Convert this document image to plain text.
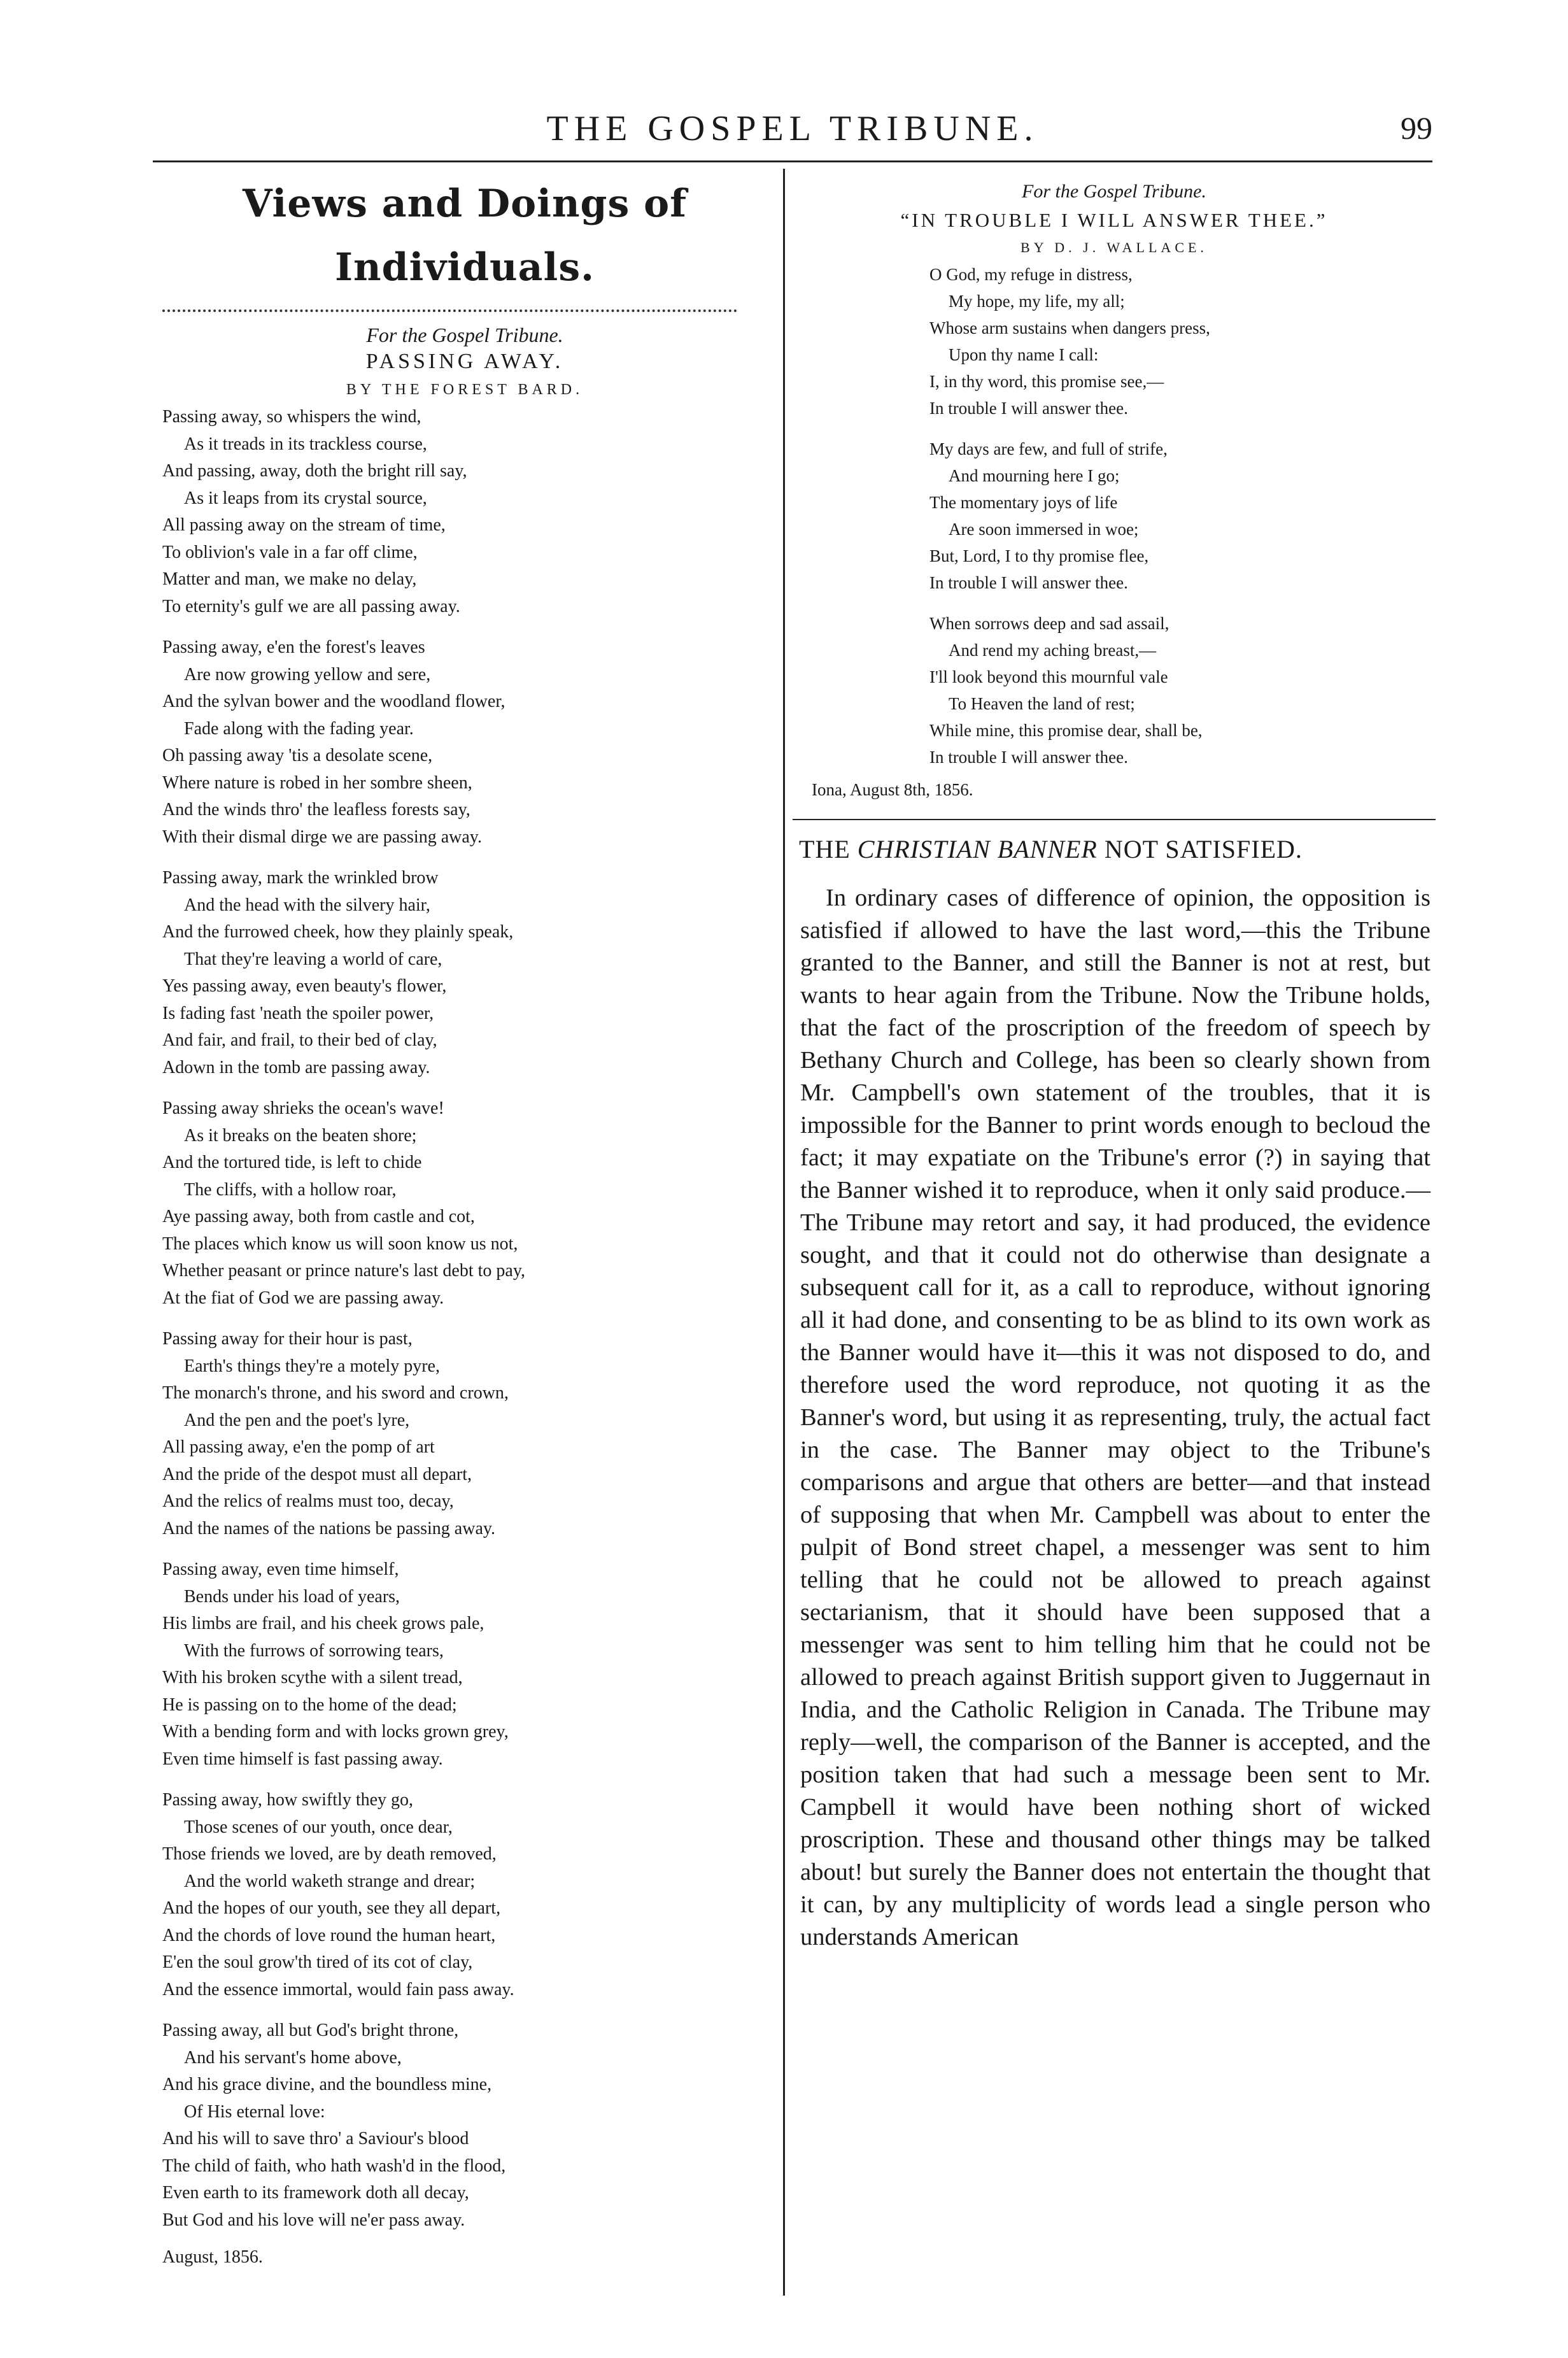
THE GOSPEL TRIBUNE.	99
Views and Doings of Individuals.
For the Gospel Tribune.
PASSING AWAY.
BY THE FOREST BARD.
Passing away, so whispers the wind,
As it treads in its trackless course,
And passing, away, doth the bright rill say,
As it leaps from its crystal source,
All passing away on the stream of time,
To oblivion's vale in a far off clime,
Matter and man, we make no delay,
To eternity's gulf we are all passing away.
Passing away, e'en the forest's leaves
Are now growing yellow and sere,
And the sylvan bower and the woodland flower,
Fade along with the fading year.
Oh passing away 'tis a desolate scene,
Where nature is robed in her sombre sheen,
And the winds thro' the leafless forests say,
With their dismal dirge we are passing away.
Passing away, mark the wrinkled brow
And the head with the silvery hair,
And the furrowed cheek, how they plainly speak,
That they're leaving a world of care,
Yes passing away, even beauty's flower,
Is fading fast 'neath the spoiler power,
And fair, and frail, to their bed of clay,
Adown in the tomb are passing away.
Passing away shrieks the ocean's wave!
As it breaks on the beaten shore;
And the tortured tide, is left to chide
The cliffs, with a hollow roar,
Aye passing away, both from castle and cot,
The places which know us will soon know us not,
Whether peasant or prince nature's last debt to pay,
At the fiat of God we are passing away.
Passing away for their hour is past,
Earth's things they're a motely pyre,
The monarch's throne, and his sword and crown,
And the pen and the poet's lyre,
All passing away, e'en the pomp of art
And the pride of the despot must all depart,
And the relics of realms must too, decay,
And the names of the nations be passing away.
Passing away, even time himself,
Bends under his load of years,
His limbs are frail, and his cheek grows pale,
With the furrows of sorrowing tears,
With his broken scythe with a silent tread,
He is passing on to the home of the dead;
With a bending form and with locks grown grey,
Even time himself is fast passing away.
Passing away, how swiftly they go,
Those scenes of our youth, once dear,
Those friends we loved, are by death removed,
And the world waketh strange and drear;
And the hopes of our youth, see they all depart,
And the chords of love round the human heart,
E'en the soul grow'th tired of its cot of clay,
And the essence immortal, would fain pass away.
Passing away, all but God's bright throne,
And his servant's home above,
And his grace divine, and the boundless mine,
Of His eternal love:
And his will to save thro' a Saviour's blood
The child of faith, who hath wash'd in the flood,
Even earth to its framework doth all decay,
But God and his love will ne'er pass away.
August, 1856.
For the Gospel Tribune.
“IN TROUBLE I WILL ANSWER THEE.”
BY D. J. WALLACE.
O God, my refuge in distress,
My hope, my life, my all;
Whose arm sustains when dangers press,
Upon thy name I call:
I, in thy word, this promise see,—
In trouble I will answer thee.
My days are few, and full of strife,
And mourning here I go;
The momentary joys of life
Are soon immersed in woe;
But, Lord, I to thy promise flee,
In trouble I will answer thee.
When sorrows deep and sad assail,
And rend my aching breast,—
I'll look beyond this mournful vale
To Heaven the land of rest;
While mine, this promise dear, shall be,
In trouble I will answer thee.
Iona, August 8th, 1856.
THE CHRISTIAN BANNER NOT SATISFIED.

In ordinary cases of difference of opinion, the opposition is satisfied if allowed to have the last word,—this the Tribune granted to the Banner, and still the Banner is not at rest, but wants to hear again from the Tribune. Now the Tribune holds, that the fact of the proscription of the freedom of speech by Bethany Church and College, has been so clearly shown from Mr. Campbell's own statement of the troubles, that it is impossible for the Banner to print words enough to becloud the fact; it may expatiate on the Tribune's error (?) in saying that the Banner wished it to reproduce, when it only said produce.—The Tribune may retort and say, it had produced, the evidence sought, and that it could not do otherwise than designate a subsequent call for it, as a call to reproduce, without ignoring all it had done, and consenting to be as blind to its own work as the Banner would have it—this it was not disposed to do, and therefore used the word reproduce, not quoting it as the Banner's word, but using it as representing, truly, the actual fact in the case. The Banner may object to the Tribune's comparisons and argue that others are better—and that instead of supposing that when Mr. Campbell was about to enter the pulpit of Bond street chapel, a messenger was sent to him telling that he could not be allowed to preach against sectarianism, that it should have been supposed that a messenger was sent to him telling him that he could not be allowed to preach against British support given to Juggernaut in India, and the Catholic Religion in Canada. The Tribune may reply—well, the comparison of the Banner is accepted, and the position taken that had such a message been sent to Mr. Campbell it would have been nothing short of wicked proscription. These and thousand other things may be talked about! but surely the Banner does not entertain the thought that it can, by any multiplicity of words lead a single person who understands American
